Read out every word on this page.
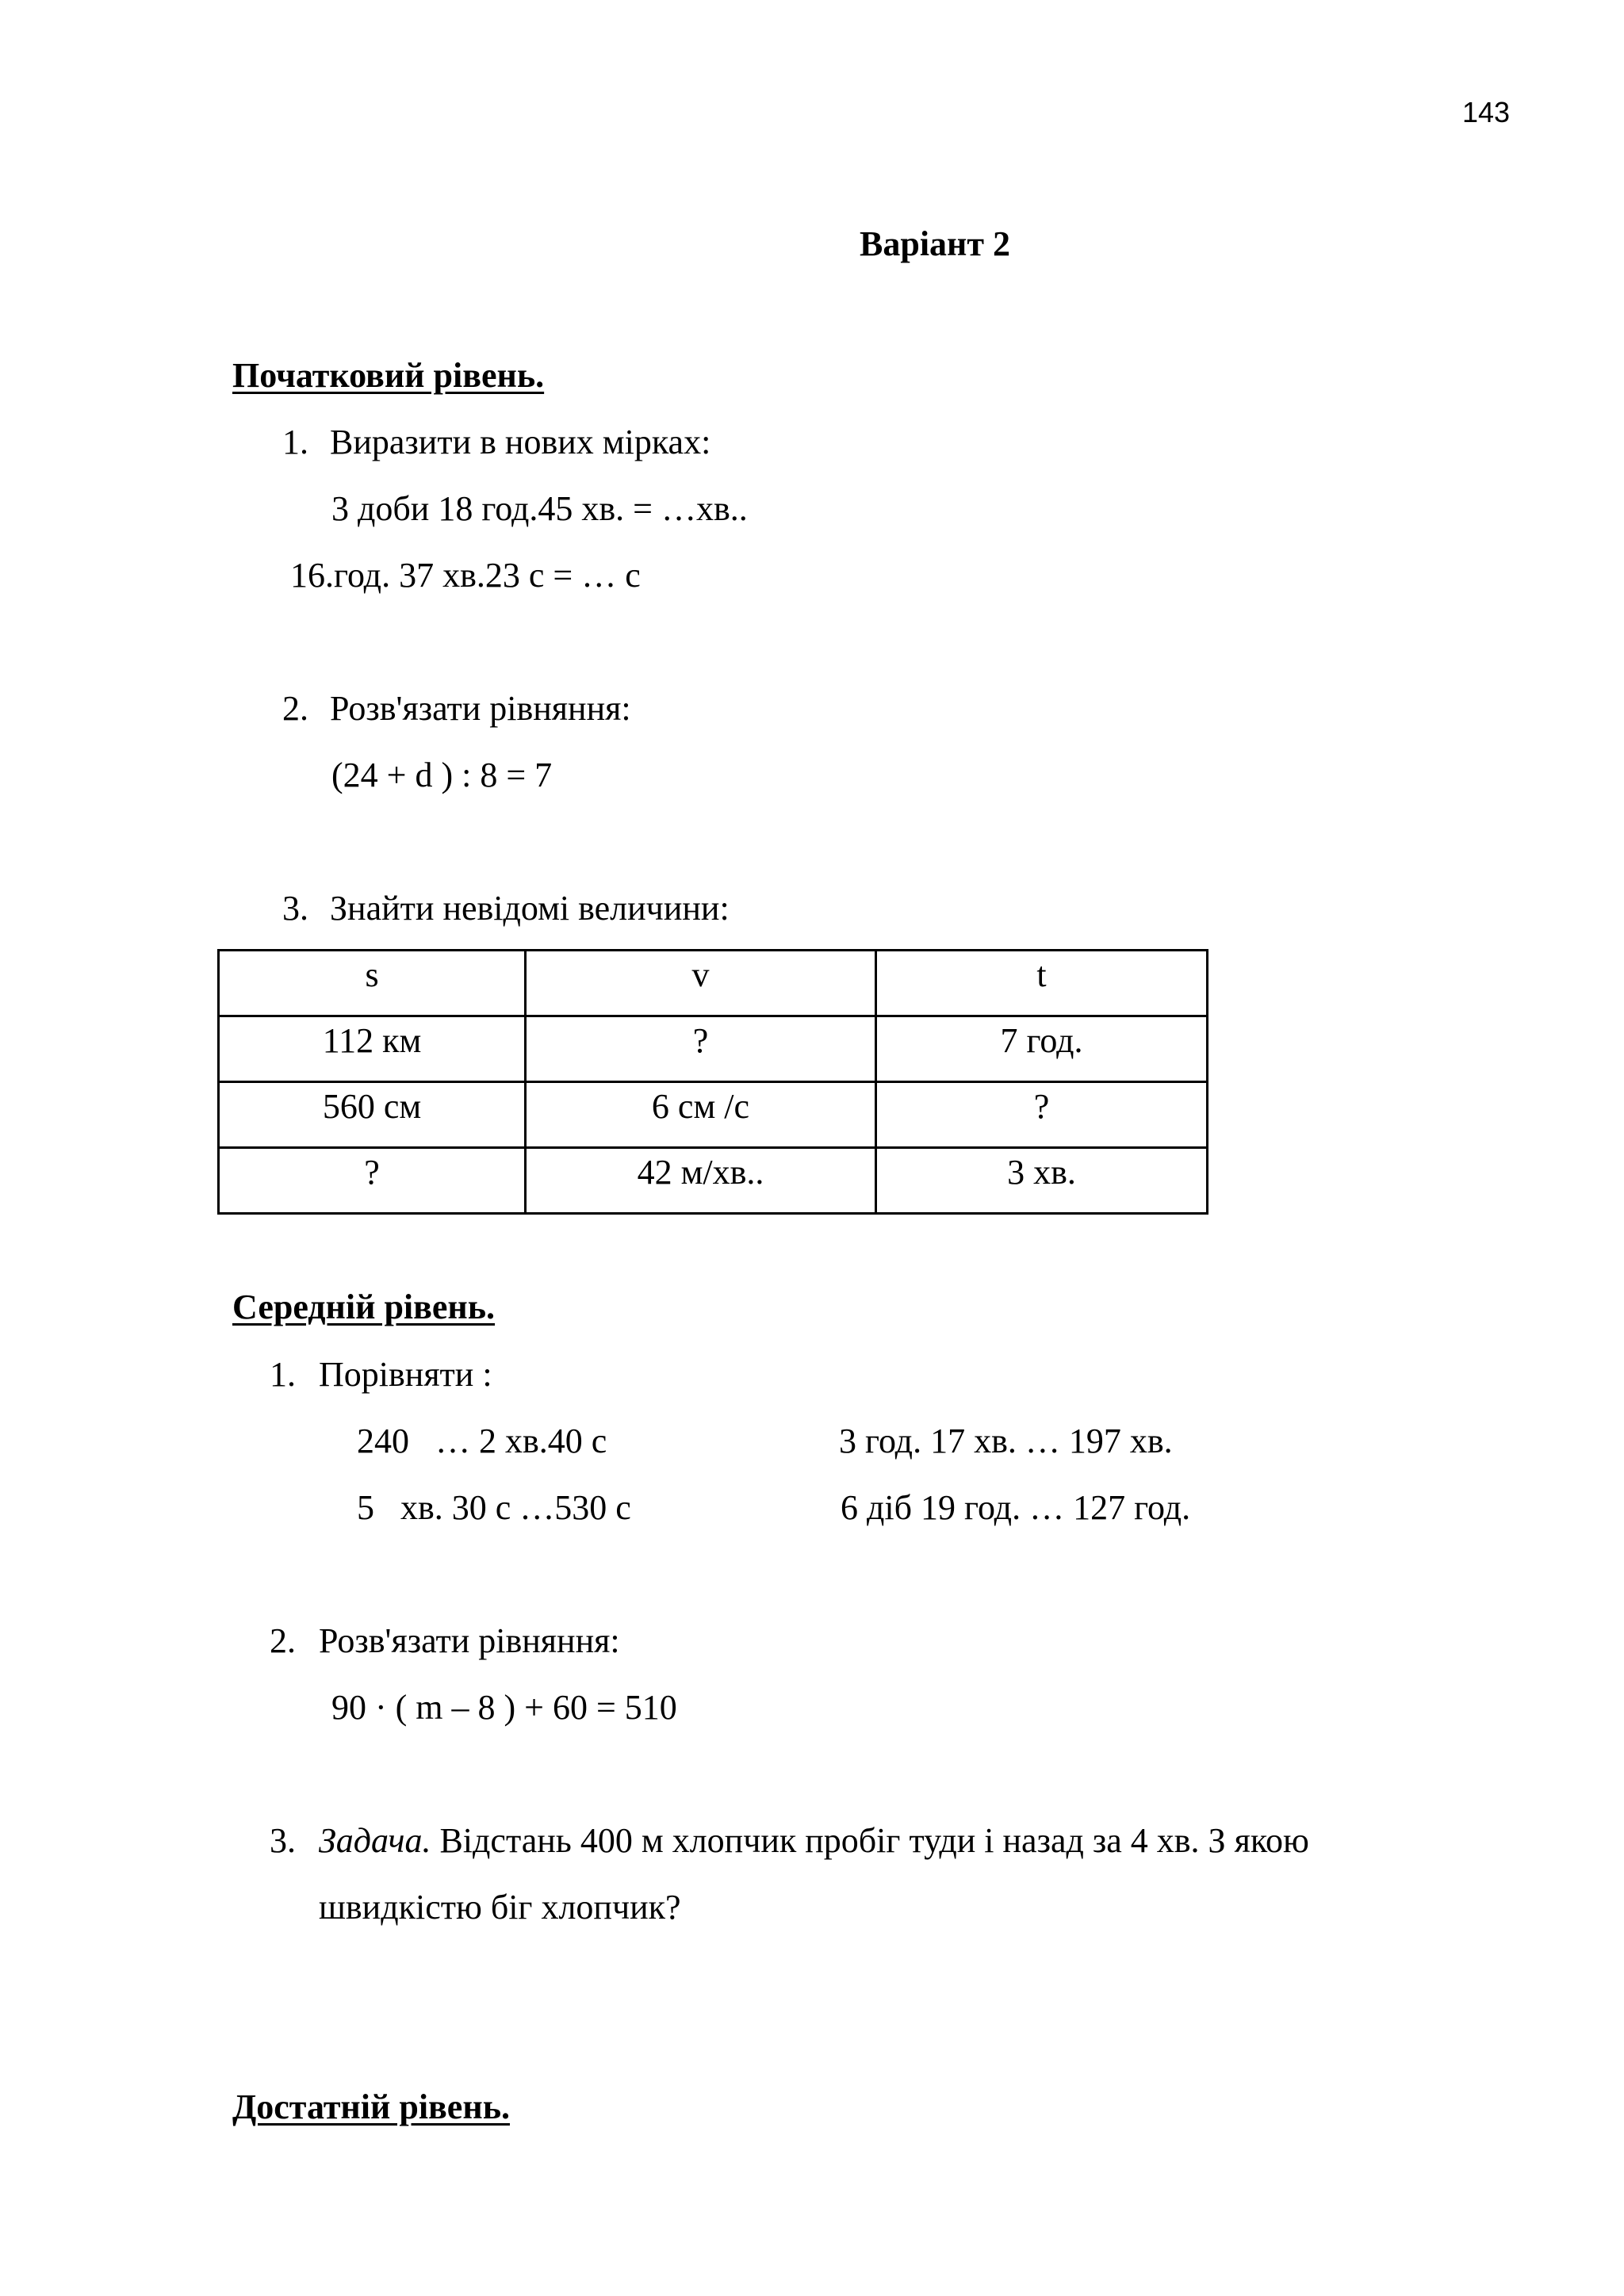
143
Варіант 2
Початковий рівень.
1. Виразити в нових мірках:
3 доби 18 год.45 хв. = …хв..
16.год. 37 хв.23 с = … с
2. Розв'язати рівняння:
(24 + d ) : 8 = 7
3. Знайти невідомі величини:
s	v	t
112 км	?	7 год.
560 см	6 см /с	?
?	42 м/хв..	3 хв.
Середній рівень.
1. Порівняти :
240   … 2 хв.40 с	3 год. 17 хв. … 197 хв.
5   хв. 30 с …530 с	6 діб 19 год. … 127 год.
2. Розв'язати рівняння:
90 · ( m – 8 ) + 60 = 510
3. Задача. Відстань 400 м хлопчик пробіг туди і назад за 4 хв. З якою
швидкістю біг хлопчик?
Достатній рівень.
